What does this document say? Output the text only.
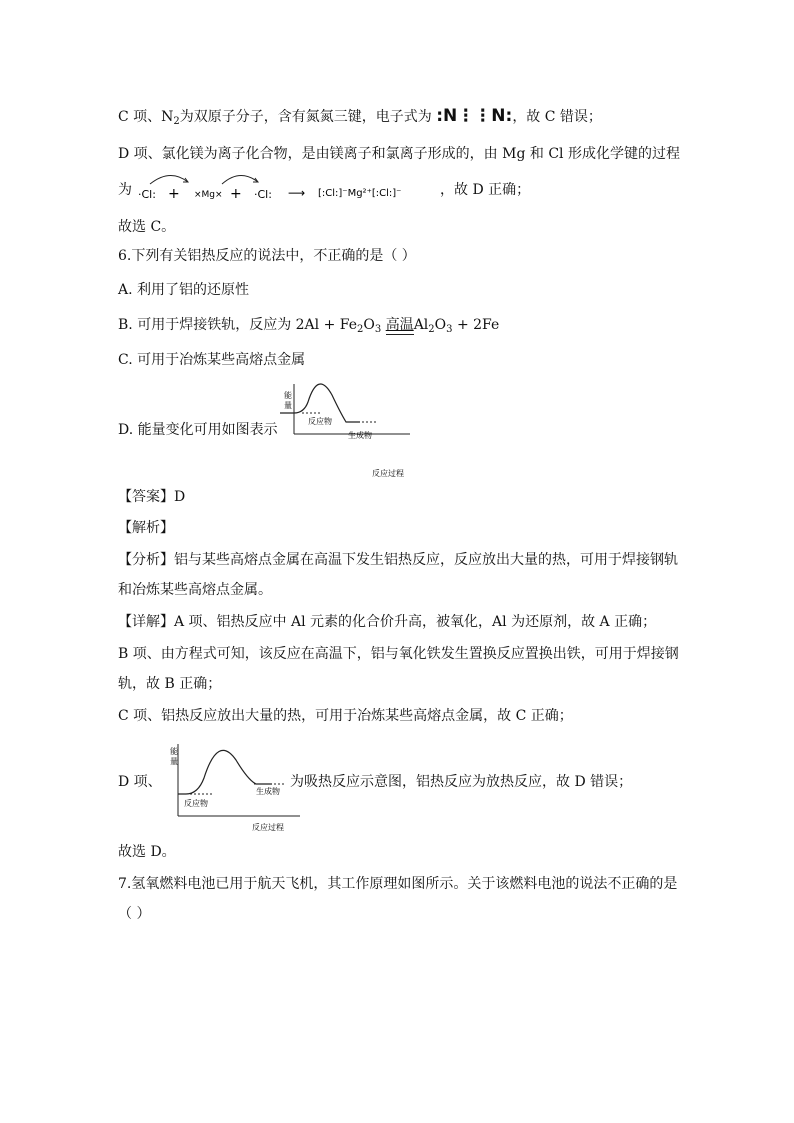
C 项、$N_2$为双原子分子，含有氮氮三键，电子式为 :N⋮⋮N:，故 C 错误；
D 项、氯化镁为离子化合物，是由镁离子和氯离子形成的，由 Mg 和 Cl 形成化学键的过程
为 ·Cl: + ×Mg× + ·Cl: ⟶ [:Cl:]⁻Mg²⁺[:Cl:]⁻	，故 D 正确；
故选 C。
6.下列有关铝热反应的说法中，不正确的是（ ）
A. 利用了铝的还原性
B. 可用于焊接铁轨，反应为 $2Al + Fe_2O_3$ 高温
$Al_2O_3 + 2Fe$
C. 可用于冶炼某些高熔点金属
D. 能量变化可用如图表示
能
量
反应物
生成物
反应过程
【答案】D
【解析】
【分析】铝与某些高熔点金属在高温下发生铝热反应，反应放出大量的热，可用于焊接钢轨
和冶炼某些高熔点金属。
【详解】A 项、铝热反应中 Al 元素的化合价升高，被氧化，Al 为还原剂，故 A 正确；
B 项、由方程式可知，该反应在高温下，铝与氧化铁发生置换反应置换出铁，可用于焊接钢
轨，故 B 正确；
C 项、铝热反应放出大量的热，可用于冶炼某些高熔点金属，故 C 正确；
D 项、	为吸热反应示意图，铝热反应为放热反应，故 D 错误；
能
量
反应物
生成物
反应过程
故选 D。
7.氢氧燃料电池已用于航天飞机，其工作原理如图所示。关于该燃料电池的说法不正确的是
（ ）
